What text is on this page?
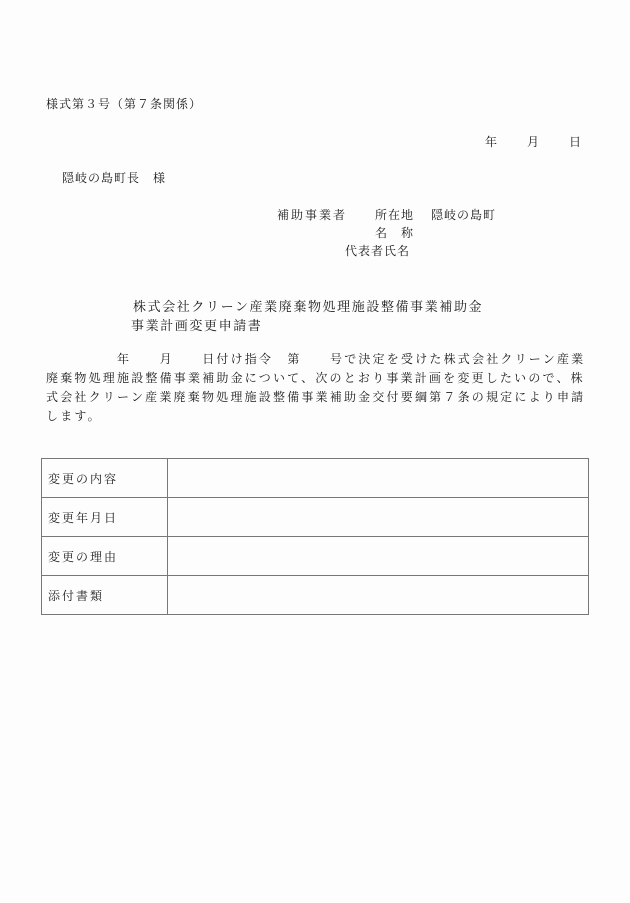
様式第３号（第７条関係）
年	月	日
隠岐の島町長　様
補助事業者 所在地 隠岐の島町
名　称
代表者氏名
株式会社クリーン産業廃棄物処理施設整備事業補助金
事業計画変更申請書
　　　　　年　　月　　日付け指令　第　　号で決定を受けた株式会社クリーン産業
廃棄物処理施設整備事業補助金について、次のとおり事業計画を変更したいので、株
式会社クリーン産業廃棄物処理施設整備事業補助金交付要綱第７条の規定により申請
します。
変更の内容	
変更年月日	
変更の理由	
添付書類	
